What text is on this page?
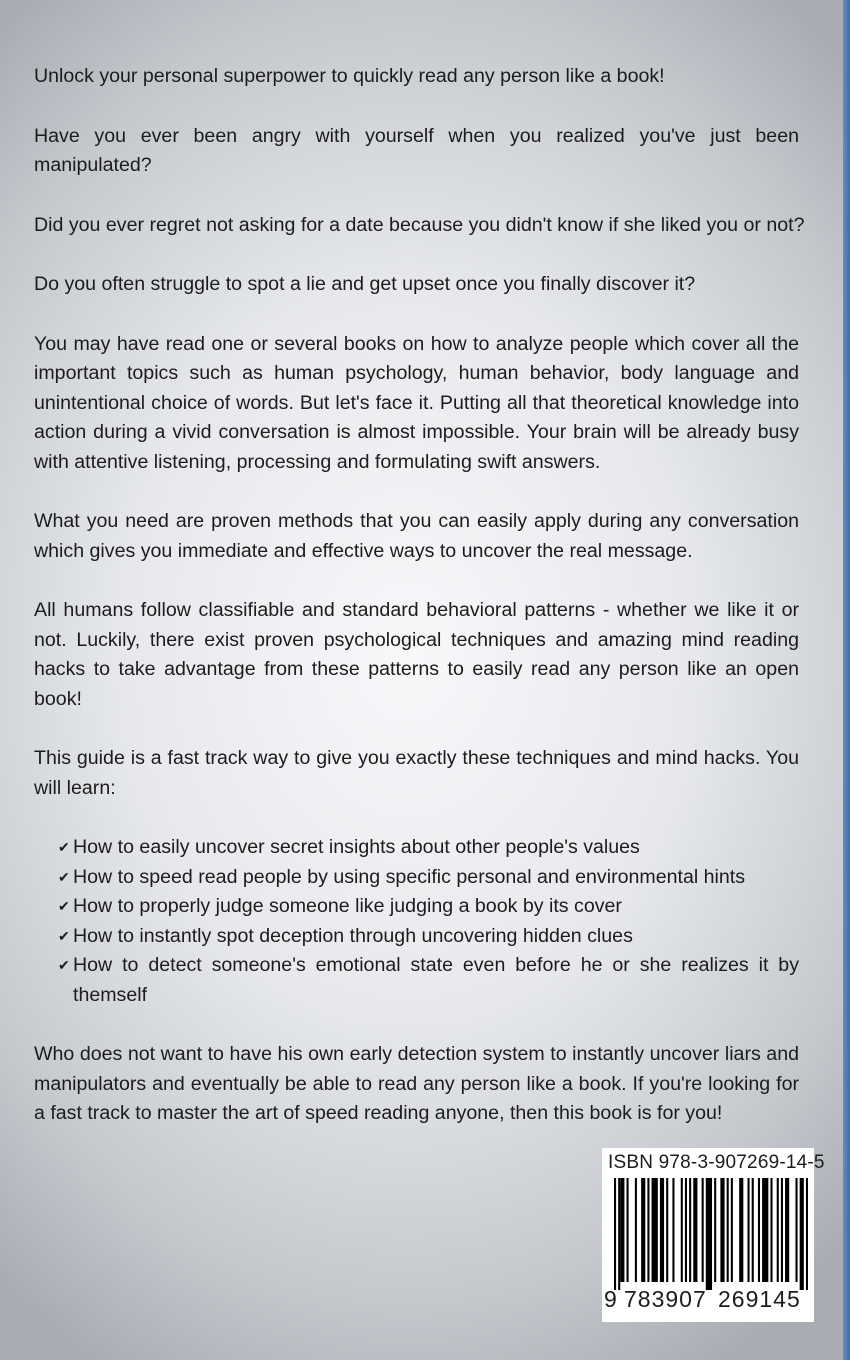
Unlock your personal superpower to quickly read any person like a book!

Have you ever been angry with yourself when you realized you've just been manipulated?

Did you ever regret not asking for a date because you didn't know if she liked you or not?

Do you often struggle to spot a lie and get upset once you finally discover it?

You may have read one or several books on how to analyze people which cover all the important topics such as human psychology, human behavior, body language and unintentional choice of words. But let's face it. Putting all that theoretical knowledge into action during a vivid conversation is almost impossible. Your brain will be already busy with attentive listening, processing and formulating swift answers.

What you need are proven methods that you can easily apply during any conversation which gives you immediate and effective ways to uncover the real message.

All humans follow classifiable and standard behavioral patterns - whether we like it or not. Luckily, there exist proven psychological techniques and amazing mind reading hacks to take advantage from these patterns to easily read any person like an open book!

This guide is a fast track way to give you exactly these techniques and mind hacks. You will learn:

✔ How to easily uncover secret insights about other people's values
✔ How to speed read people by using specific personal and environmental hints
✔ How to properly judge someone like judging a book by its cover
✔ How to instantly spot deception through uncovering hidden clues
✔ How to detect someone's emotional state even before he or she realizes it by themself

Who does not want to have his own early detection system to instantly uncover liars and manipulators and eventually be able to read any person like a book. If you're looking for a fast track to master the art of speed reading anyone, then this book is for you!

ISBN 978-3-907269-14-5
9 783907 269145
